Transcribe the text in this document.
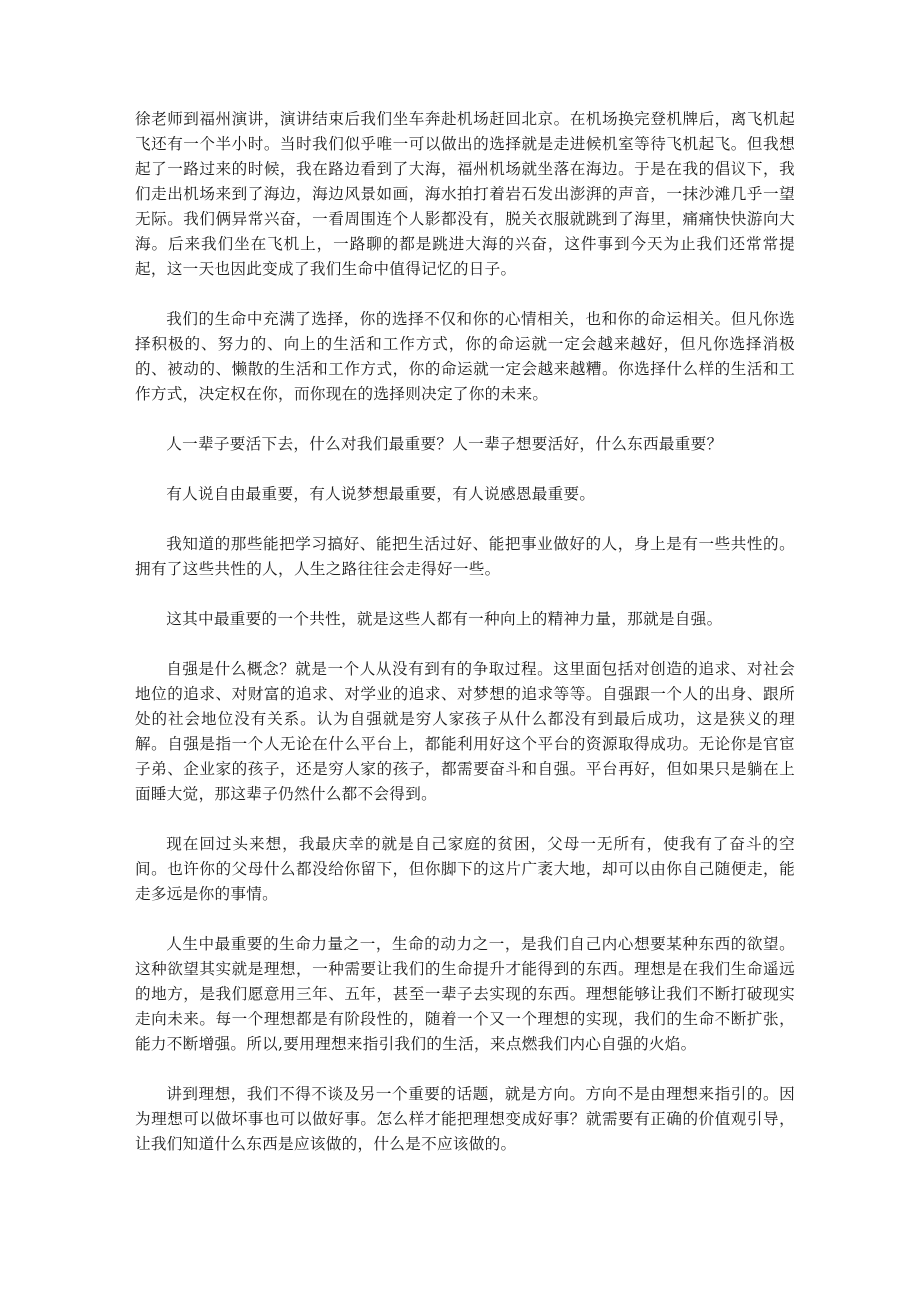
徐老师到福州演讲，演讲结束后我们坐车奔赴机场赶回北京。在机场换完登机牌后，离飞机起飞还有一个半小时。当时我们似乎唯一可以做出的选择就是走进候机室等待飞机起飞。但我想起了一路过来的时候，我在路边看到了大海，福州机场就坐落在海边。于是在我的倡议下，我们走出机场来到了海边，海边风景如画，海水拍打着岩石发出澎湃的声音，一抹沙滩几乎一望无际。我们俩异常兴奋，一看周围连个人影都没有，脱关衣服就跳到了海里，痛痛快快游向大海。后来我们坐在飞机上，一路聊的都是跳进大海的兴奋，这件事到今天为止我们还常常提起，这一天也因此变成了我们生命中值得记忆的日子。

我们的生命中充满了选择，你的选择不仅和你的心情相关，也和你的命运相关。但凡你选择积极的、努力的、向上的生活和工作方式，你的命运就一定会越来越好，但凡你选择消极的、被动的、懒散的生活和工作方式，你的命运就一定会越来越糟。你选择什么样的生活和工作方式，决定权在你，而你现在的选择则决定了你的未来。

人一辈子要活下去，什么对我们最重要？人一辈子想要活好，什么东西最重要？

有人说自由最重要，有人说梦想最重要，有人说感恩最重要。

我知道的那些能把学习搞好、能把生活过好、能把事业做好的人，身上是有一些共性的。拥有了这些共性的人，人生之路往往会走得好一些。

这其中最重要的一个共性，就是这些人都有一种向上的精神力量，那就是自强。

自强是什么概念？就是一个人从没有到有的争取过程。这里面包括对创造的追求、对社会地位的追求、对财富的追求、对学业的追求、对梦想的追求等等。自强跟一个人的出身、跟所处的社会地位没有关系。认为自强就是穷人家孩子从什么都没有到最后成功，这是狭义的理解。自强是指一个人无论在什么平台上，都能利用好这个平台的资源取得成功。无论你是官宦子弟、企业家的孩子，还是穷人家的孩子，都需要奋斗和自强。平台再好，但如果只是躺在上面睡大觉，那这辈子仍然什么都不会得到。

现在回过头来想，我最庆幸的就是自己家庭的贫困，父母一无所有，使我有了奋斗的空间。也许你的父母什么都没给你留下，但你脚下的这片广袤大地，却可以由你自己随便走，能走多远是你的事情。

人生中最重要的生命力量之一，生命的动力之一，是我们自己内心想要某种东西的欲望。这种欲望其实就是理想，一种需要让我们的生命提升才能得到的东西。理想是在我们生命遥远的地方，是我们愿意用三年、五年，甚至一辈子去实现的东西。理想能够让我们不断打破现实走向未来。每一个理想都是有阶段性的，随着一个又一个理想的实现，我们的生命不断扩张，能力不断增强。所以,要用理想来指引我们的生活，来点燃我们内心自强的火焰。

讲到理想，我们不得不谈及另一个重要的话题，就是方向。方向不是由理想来指引的。因为理想可以做坏事也可以做好事。怎么样才能把理想变成好事？就需要有正确的价值观引导，让我们知道什么东西是应该做的，什么是不应该做的。
